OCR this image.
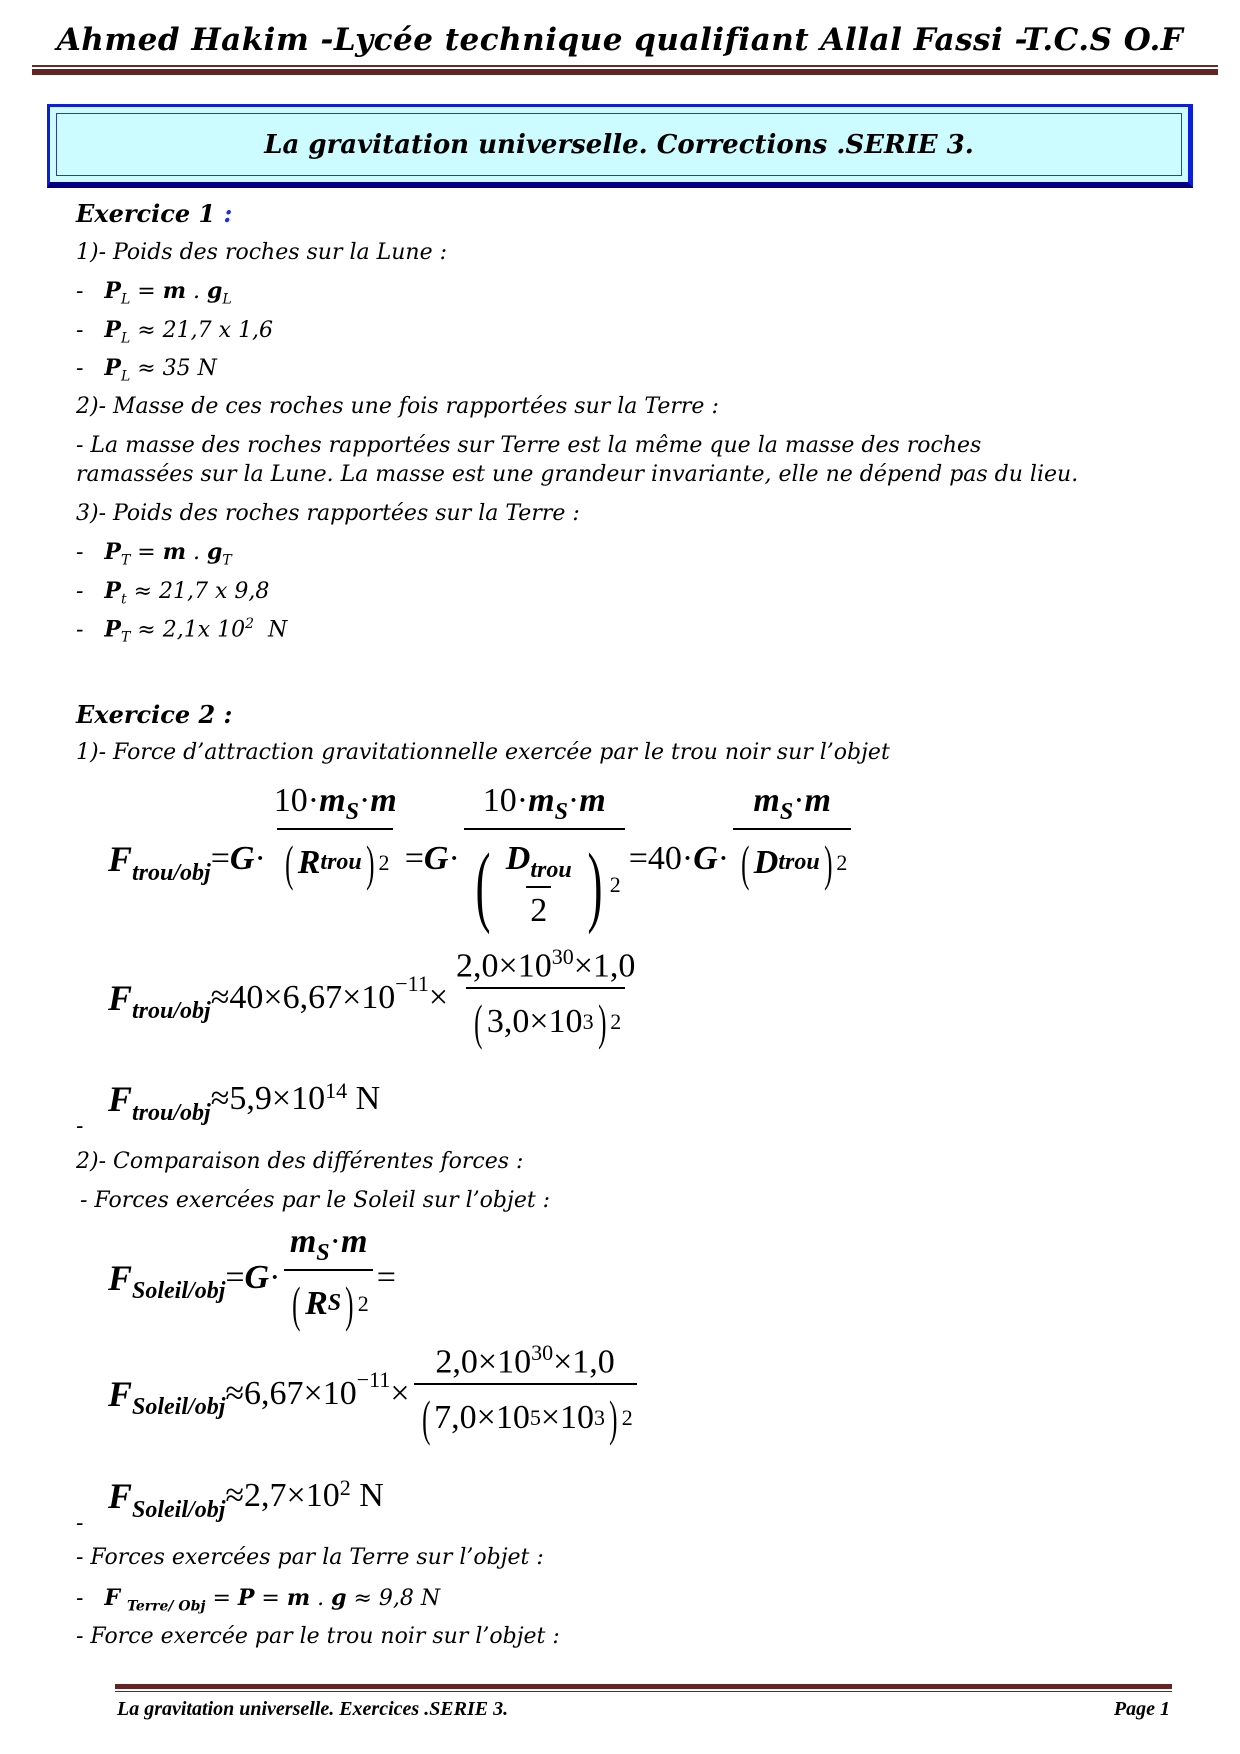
Ahmed Hakim -Lycée technique qualifiant Allal Fassi -T.C.S O.F
La gravitation universelle. Corrections .SERIE 3.
Exercice 1 :
1)- Poids des roches sur la Lune :
- $P_L = m$ . $g_L$
- $P_L \approx 21,7$ x 1,6
- $P_L \approx 35$ N
2)- Masse de ces roches une fois rapportées sur la Terre :
- La masse des roches rapportées sur Terre est la même que la masse des roches
ramassées sur la Lune. La masse est une grandeur invariante, elle ne dépend pas du lieu.
3)- Poids des roches rapportées sur la Terre :
- $P_T = m$ . $g_T$
- $P_t \approx 21,7$ x 9,8
- $P_T \approx 2,1x$ $10^2$  N
Exercice 2 :
1)- Force d’attraction gravitationnelle exercée par le trou noir sur l’objet
F trou/obj = $G \cdot \frac{10\cdot m_S\cdot m}{\text{( R trou ) 2}} = G \cdot \frac{10\cdot m_S\cdot m}{( \frac{D_{trou}}{2} ) 2} = 40\cdot G \cdot \frac{m_S\cdot m}{\text{( D trou ) 2}}$
F trou/obj ≈ $40\times 6,67\times 10^{-11} \times \frac{2,0\times 10^{30}\times 1,0}{( 3,0\times 10 3 ) 2}$
F trou/obj ≈ $5,9\times 10^{14}$ N
-
2)- Comparaison des différentes forces :
- Forces exercées par le Soleil sur l’objet :
F Soleil/obj = $G \cdot \frac{m_S\cdot m}{\text{( R S ) 2}}$ =
F Soleil/obj ≈ $6,67\times 10^{-11} \times \frac{2,0\times 10^{30}\times 1,0}{( 7,0\times 10 5 \times 10 3 ) 2}$
F Soleil/obj ≈ $2,7\times 10^2$ N
-
- Forces exercées par la Terre sur l’objet :
- F $_{Terre/ Obj}$ = P = m . g ≈ 9,8 N
- Force exercée par le trou noir sur l’objet :
La gravitation universelle. Exercices .SERIE 3.	Page 1
